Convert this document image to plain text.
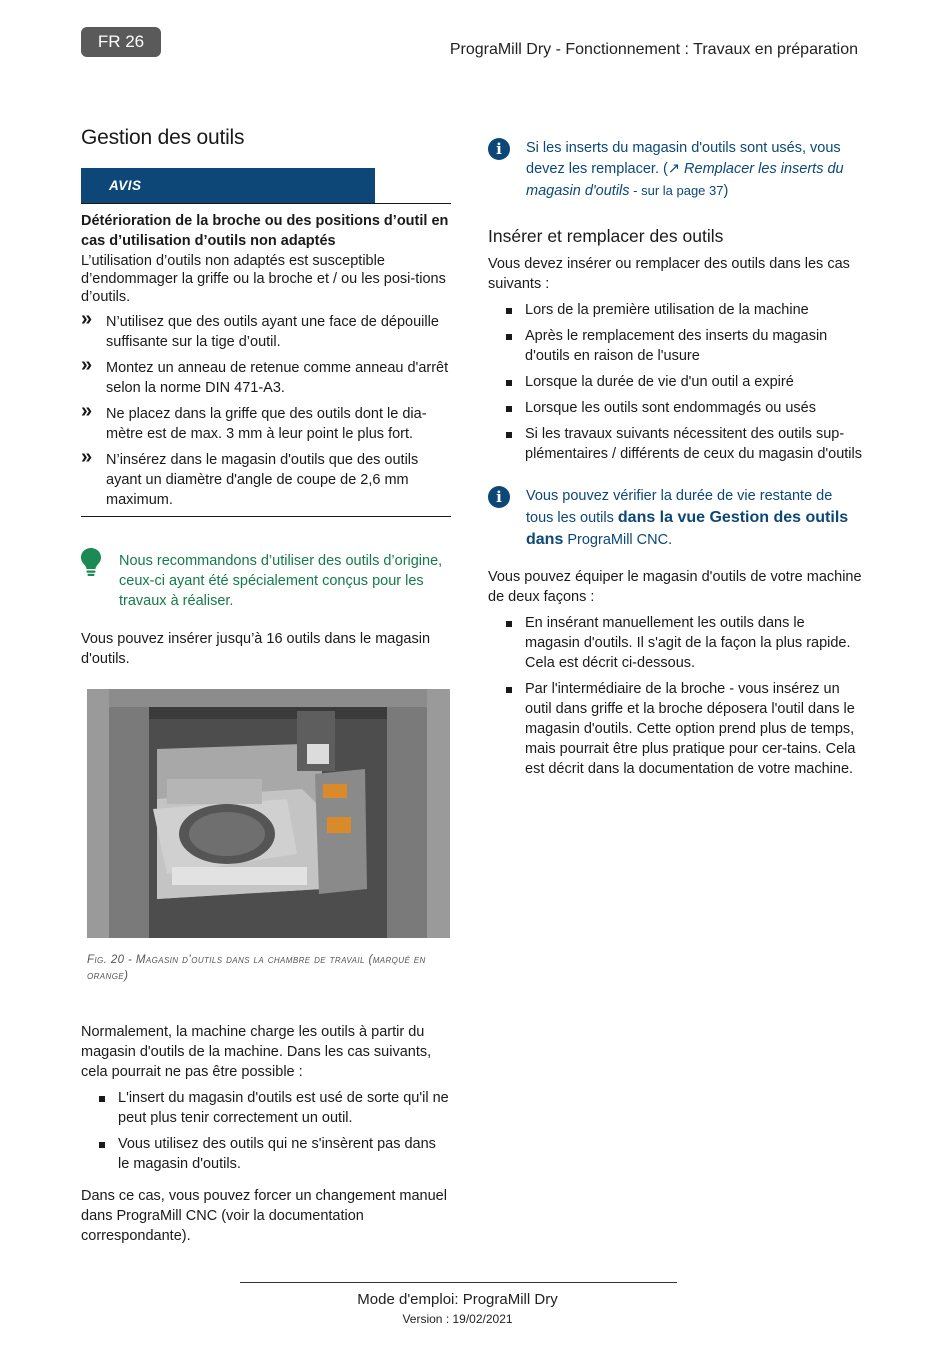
FR 26	PrograMill Dry - Fonctionnement : Travaux en préparation
Gestion des outils
AVIS
Détérioration de la broche ou des positions d’outil en cas d’utilisation d’outils non adaptés
L’utilisation d’outils non adaptés est susceptible d’endommager la griffe ou la broche et / ou les posi-tions d’outils.
» N’utilisez que des outils ayant une face de dépouille suffisante sur la tige d’outil.
» Montez un anneau de retenue comme anneau d'arrêt selon la norme DIN 471-A3.
» Ne placez dans la griffe que des outils dont le dia-mètre est de max. 3 mm à leur point le plus fort.
» N’insérez dans le magasin d'outils que des outils ayant un diamètre d'angle de coupe de 2,6 mm maximum.
Nous recommandons d’utiliser des outils d’origine, ceux-ci ayant été spécialement conçus pour les travaux à réaliser.

Vous pouvez insérer jusqu’à 16 outils dans le magasin d'outils.

Fig. 20 - Magasin d’outils dans la chambre de travail (marqué en orange)

Normalement, la machine charge les outils à partir du magasin d'outils de la machine. Dans les cas suivants, cela pourrait ne pas être possible :

L'insert du magasin d'outils est usé de sorte qu'il ne peut plus tenir correctement un outil.
Vous utilisez des outils qui ne s'insèrent pas dans le magasin d'outils.

Dans ce cas, vous pouvez forcer un changement manuel dans PrograMill CNC (voir la documentation correspondante).

i	Si les inserts du magasin d'outils sont usés, vous devez les remplacer. (↗ Remplacer les inserts du magasin d'outils - sur la page 37)
Insérer et remplacer des outils

Vous devez insérer ou remplacer des outils dans les cas suivants :

Lors de la première utilisation de la machine
Après le remplacement des inserts du magasin d'outils en raison de l'usure
Lorsque la durée de vie d'un outil a expiré
Lorsque les outils sont endommagés ou usés
Si les travaux suivants nécessitent des outils sup-plémentaires / différents de ceux du magasin d'outils
i	Vous pouvez vérifier la durée de vie restante de tous les outils dans la vue Gestion des outils dans PrograMill CNC.

Vous pouvez équiper le magasin d'outils de votre machine de deux façons :

En insérant manuellement les outils dans le magasin d'outils. Il s'agit de la façon la plus rapide. Cela est décrit ci-dessous.
Par l'intermédiaire de la broche - vous insérez un outil dans griffe et la broche déposera l'outil dans le magasin d'outils. Cette option prend plus de temps, mais pourrait être plus pratique pour cer-tains. Cela est décrit dans la documentation de votre machine.
Mode d'emploi: PrograMill Dry
Version : 19/02/2021
